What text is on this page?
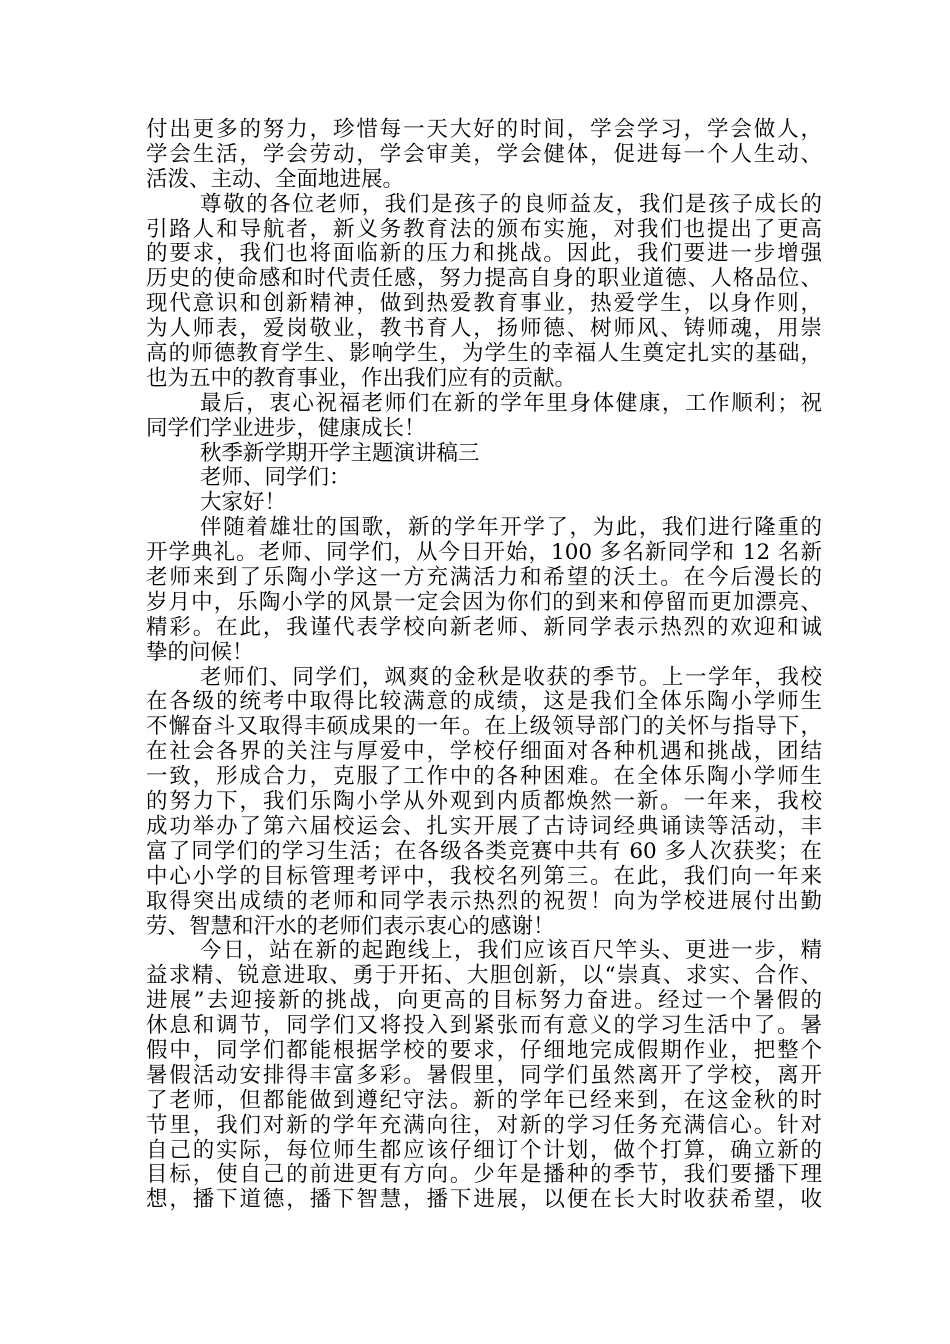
付出更多的努力，珍惜每一天大好的时间，学会学习，学会做人，
学会生活，学会劳动，学会审美，学会健体，促进每一个人生动、
活泼、主动、全面地进展。
尊敬的各位老师，我们是孩子的良师益友，我们是孩子成长的
引路人和导航者，新义务教育法的颁布实施，对我们也提出了更高
的要求，我们也将面临新的压力和挑战。因此，我们要进一步增强
历史的使命感和时代责任感，努力提高自身的职业道德、人格品位、
现代意识和创新精神，做到热爱教育事业，热爱学生，以身作则，
为人师表，爱岗敬业，教书育人，扬师德、树师风、铸师魂，用崇
高的师德教育学生、影响学生，为学生的幸福人生奠定扎实的基础，
也为五中的教育事业，作出我们应有的贡献。
最后，衷心祝福老师们在新的学年里身体健康，工作顺利；祝
同学们学业进步，健康成长！
秋季新学期开学主题演讲稿三
老师、同学们：
大家好！
伴随着雄壮的国歌，新的学年开学了，为此，我们进行隆重的
开学典礼。老师、同学们，从今日开始，100 多名新同学和 12 名新
老师来到了乐陶小学这一方充满活力和希望的沃土。在今后漫长的
岁月中，乐陶小学的风景一定会因为你们的到来和停留而更加漂亮、
精彩。在此，我谨代表学校向新老师、新同学表示热烈的欢迎和诚
挚的问候！
老师们、同学们，飒爽的金秋是收获的季节。上一学年，我校
在各级的统考中取得比较满意的成绩，这是我们全体乐陶小学师生
不懈奋斗又取得丰硕成果的一年。在上级领导部门的关怀与指导下，
在社会各界的关注与厚爱中，学校仔细面对各种机遇和挑战，团结
一致，形成合力，克服了工作中的各种困难。在全体乐陶小学师生
的努力下，我们乐陶小学从外观到内质都焕然一新。一年来，我校
成功举办了第六届校运会、扎实开展了古诗词经典诵读等活动，丰
富了同学们的学习生活；在各级各类竞赛中共有 60 多人次获奖；在
中心小学的目标管理考评中，我校名列第三。在此，我们向一年来
取得突出成绩的老师和同学表示热烈的祝贺！向为学校进展付出勤
劳、智慧和汗水的老师们表示衷心的感谢！
今日，站在新的起跑线上，我们应该百尺竿头、更进一步，精
益求精、锐意进取、勇于开拓、大胆创新，以“崇真、求实、合作、
进展”去迎接新的挑战，向更高的目标努力奋进。经过一个暑假的
休息和调节，同学们又将投入到紧张而有意义的学习生活中了。暑
假中，同学们都能根据学校的要求，仔细地完成假期作业，把整个
暑假活动安排得丰富多彩。暑假里，同学们虽然离开了学校，离开
了老师，但都能做到遵纪守法。新的学年已经来到，在这金秋的时
节里，我们对新的学年充满向往，对新的学习任务充满信心。针对
自己的实际，每位师生都应该仔细订个计划，做个打算，确立新的
目标，使自己的前进更有方向。少年是播种的季节，我们要播下理
想，播下道德，播下智慧，播下进展，以便在长大时收获希望，收
